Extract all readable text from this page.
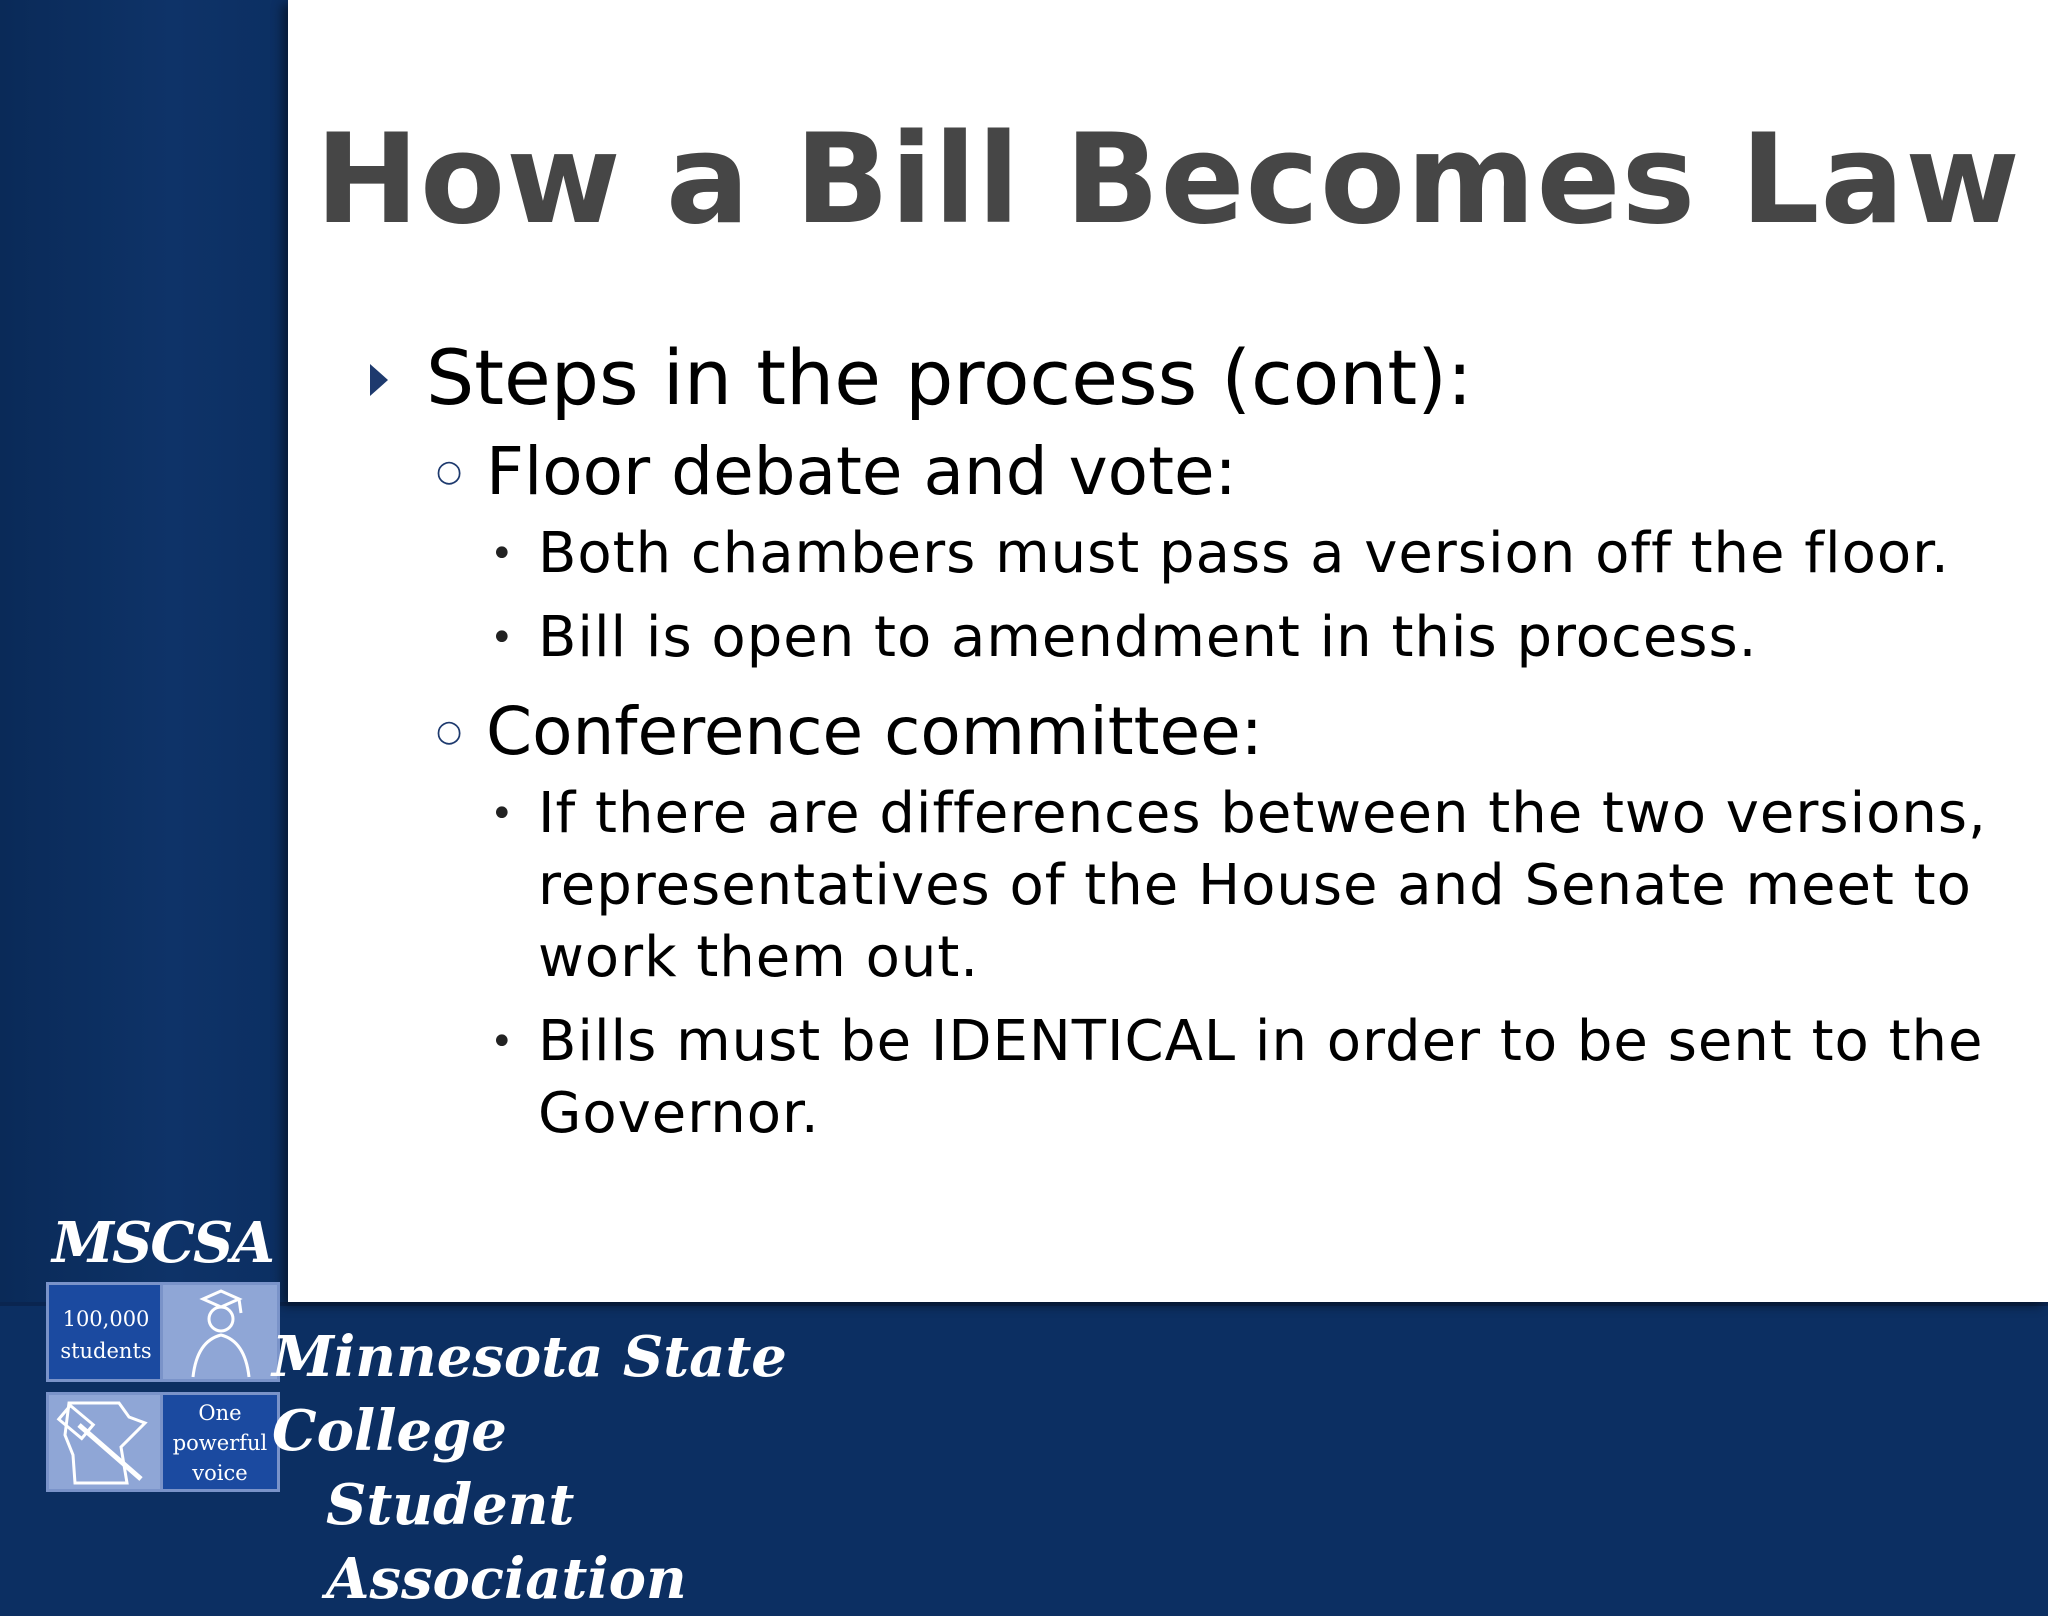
How a Bill Becomes Law

Steps in the process (cont):

○ Floor debate and vote:

• Both chambers must pass a version off the floor.

• Bill is open to amendment in this process.

○ Conference committee:

• If there are differences between the two versions, representatives of the House and Senate meet to work them out.

• Bills must be IDENTICAL in order to be sent to the Governor.

MSCSA
100,000
students
One
powerful
voice
Minnesota State College
Student Association
